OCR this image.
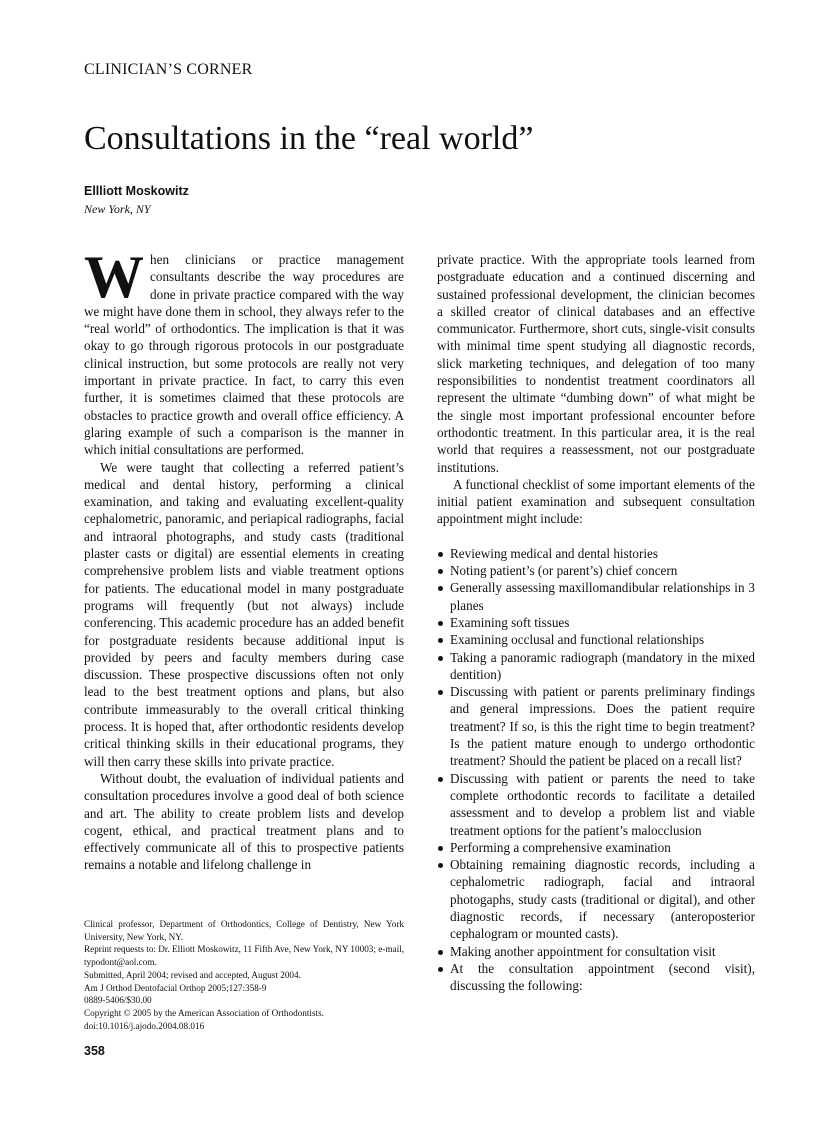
CLINICIAN’S CORNER
Consultations in the “real world”
Ellliott Moskowitz
New York, NY

When clinicians or practice management consultants describe the way procedures are done in private practice compared with the way we might have done them in school, they always refer to the “real world” of orthodontics. The implication is that it was okay to go through rigorous protocols in our postgraduate clinical instruction, but some protocols are really not very important in private practice. In fact, to carry this even further, it is sometimes claimed that these protocols are obstacles to practice growth and overall office efficiency. A glaring example of such a comparison is the manner in which initial consultations are performed.

We were taught that collecting a referred patient’s medical and dental history, performing a clinical examination, and taking and evaluating excellent-quality cephalometric, panoramic, and periapical radiographs, facial and intraoral photographs, and study casts (traditional plaster casts or digital) are essential elements in creating comprehensive problem lists and viable treatment options for patients. The educational model in many postgraduate programs will frequently (but not always) include conferencing. This academic procedure has an added benefit for postgraduate residents because additional input is provided by peers and faculty members during case discussion. These prospective discussions often not only lead to the best treatment options and plans, but also contribute immeasurably to the overall critical thinking process. It is hoped that, after orthodontic residents develop critical thinking skills in their educational programs, they will then carry these skills into private practice.

Without doubt, the evaluation of individual patients and consultation procedures involve a good deal of both science and art. The ability to create problem lists and develop cogent, ethical, and practical treatment plans and to effectively communicate all of this to prospective patients remains a notable and lifelong challenge in

private practice. With the appropriate tools learned from postgraduate education and a continued discerning and sustained professional development, the clinician becomes a skilled creator of clinical databases and an effective communicator. Furthermore, short cuts, single-visit consults with minimal time spent studying all diagnostic records, slick marketing techniques, and delegation of too many responsibilities to nondentist treatment coordinators all represent the ultimate “dumbing down” of what might be the single most important professional encounter before orthodontic treatment. In this particular area, it is the real world that requires a reassessment, not our postgraduate institutions.

A functional checklist of some important elements of the initial patient examination and subsequent consultation appointment might include:

Reviewing medical and dental histories
Noting patient’s (or parent’s) chief concern
Generally assessing maxillomandibular relationships in 3 planes
Examining soft tissues
Examining occlusal and functional relationships
Taking a panoramic radiograph (mandatory in the mixed dentition)
Discussing with patient or parents preliminary findings and general impressions. Does the patient require treatment? If so, is this the right time to begin treatment? Is the patient mature enough to undergo orthodontic treatment? Should the patient be placed on a recall list?
Discussing with patient or parents the need to take complete orthodontic records to facilitate a detailed assessment and to develop a problem list and viable treatment options for the patient’s malocclusion
Performing a comprehensive examination
Obtaining remaining diagnostic records, including a cephalometric radiograph, facial and intraoral photogaphs, study casts (traditional or digital), and other diagnostic records, if necessary (anteroposterior cephalogram or mounted casts).
Making another appointment for consultation visit
At the consultation appointment (second visit), discussing the following:
Clinical professor, Department of Orthodontics, College of Dentistry, New York University, New York, NY.
Reprint requests to: Dr. Elliott Moskowitz, 11 Fifth Ave, New York, NY 10003; e-mail, typodont@aol.com.
Submitted, April 2004; revised and accepted, August 2004.
Am J Orthod Dentofacial Orthop 2005;127:358-9
0889-5406/$30.00
Copyright © 2005 by the American Association of Orthodontists.
doi:10.1016/j.ajodo.2004.08.016
358
